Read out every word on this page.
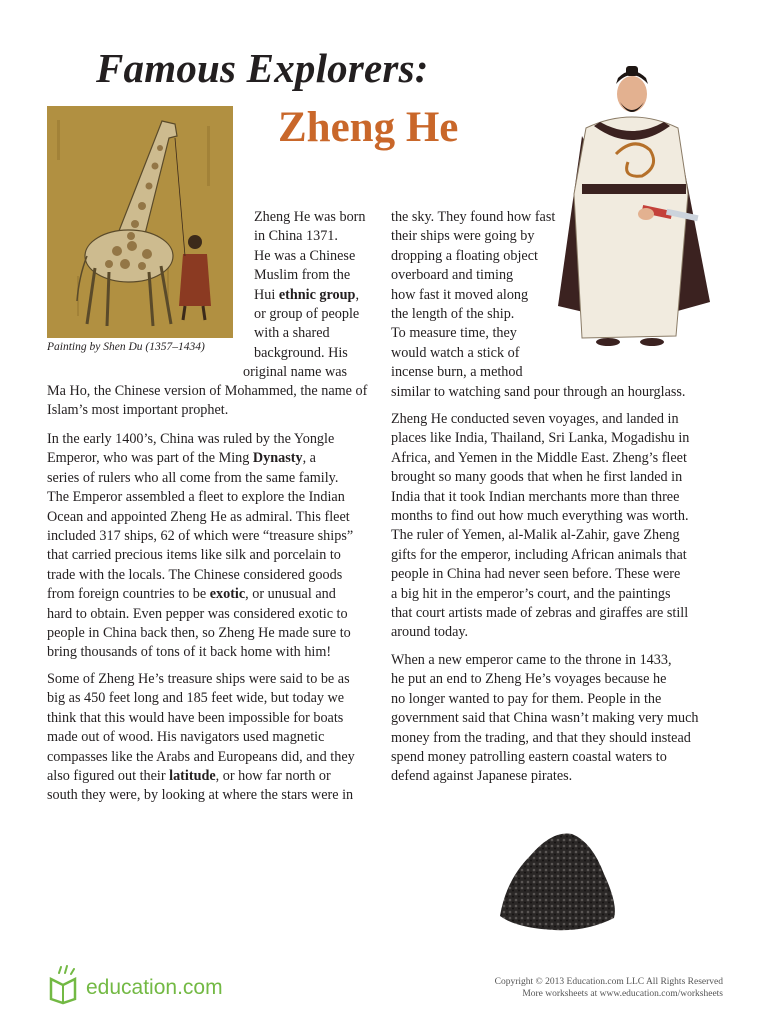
Famous Explorers:
Zheng He
Painting by Shen Du (1357–1434)
Zheng He was born
in China 1371.
He was a Chinese
Muslim from the
Hui ethnic group,
or group of people
with a shared
background. His
original name was

Ma Ho, the Chinese version of Mohammed, the name of Islam’s most important prophet.

In the early 1400’s, China was ruled by the Yongle
Emperor, who was part of the Ming Dynasty, a
series of rulers who all come from the same family.
The Emperor assembled a fleet to explore the Indian
Ocean and appointed Zheng He as admiral. This fleet
included 317 ships, 62 of which were “treasure ships”
that carried precious items like silk and porcelain to
trade with the locals. The Chinese considered goods
from foreign countries to be exotic, or unusual and
hard to obtain. Even pepper was considered exotic to
people in China back then, so Zheng He made sure to
bring thousands of tons of it back home with him!
Some of Zheng He’s treasure ships were said to be as
big as 450 feet long and 185 feet wide, but today we
think that this would have been impossible for boats
made out of wood. His navigators used magnetic
compasses like the Arabs and Europeans did, and they
also figured out their latitude, or how far north or
south they were, by looking at where the stars were in
the sky. They found how fast
their ships were going by
dropping a floating object
overboard and timing
how fast it moved along
the length of the ship.
To measure time, they
would watch a stick of
incense burn, a method
similar to watching sand pour through an hourglass.
Zheng He conducted seven voyages, and landed in
places like India, Thailand, Sri Lanka, Mogadishu in
Africa, and Yemen in the Middle East. Zheng’s fleet
brought so many goods that when he first landed in
India that it took Indian merchants more than three
months to find out how much everything was worth.
The ruler of Yemen, al-Malik al-Zahir, gave Zheng
gifts for the emperor, including African animals that
people in China had never seen before. These were
a big hit in the emperor’s court, and the paintings
that court artists made of zebras and giraffes are still
around today.
When a new emperor came to the throne in 1433,
he put an end to Zheng He’s voyages because he
no longer wanted to pay for them. People in the
government said that China wasn’t making very much
money from the trading, and that they should instead
spend money patrolling eastern coastal waters to
defend against Japanese pirates.
education.com	Copyright © 2013 Education.com LLC All Rights Reserved
More worksheets at www.education.com/worksheets
